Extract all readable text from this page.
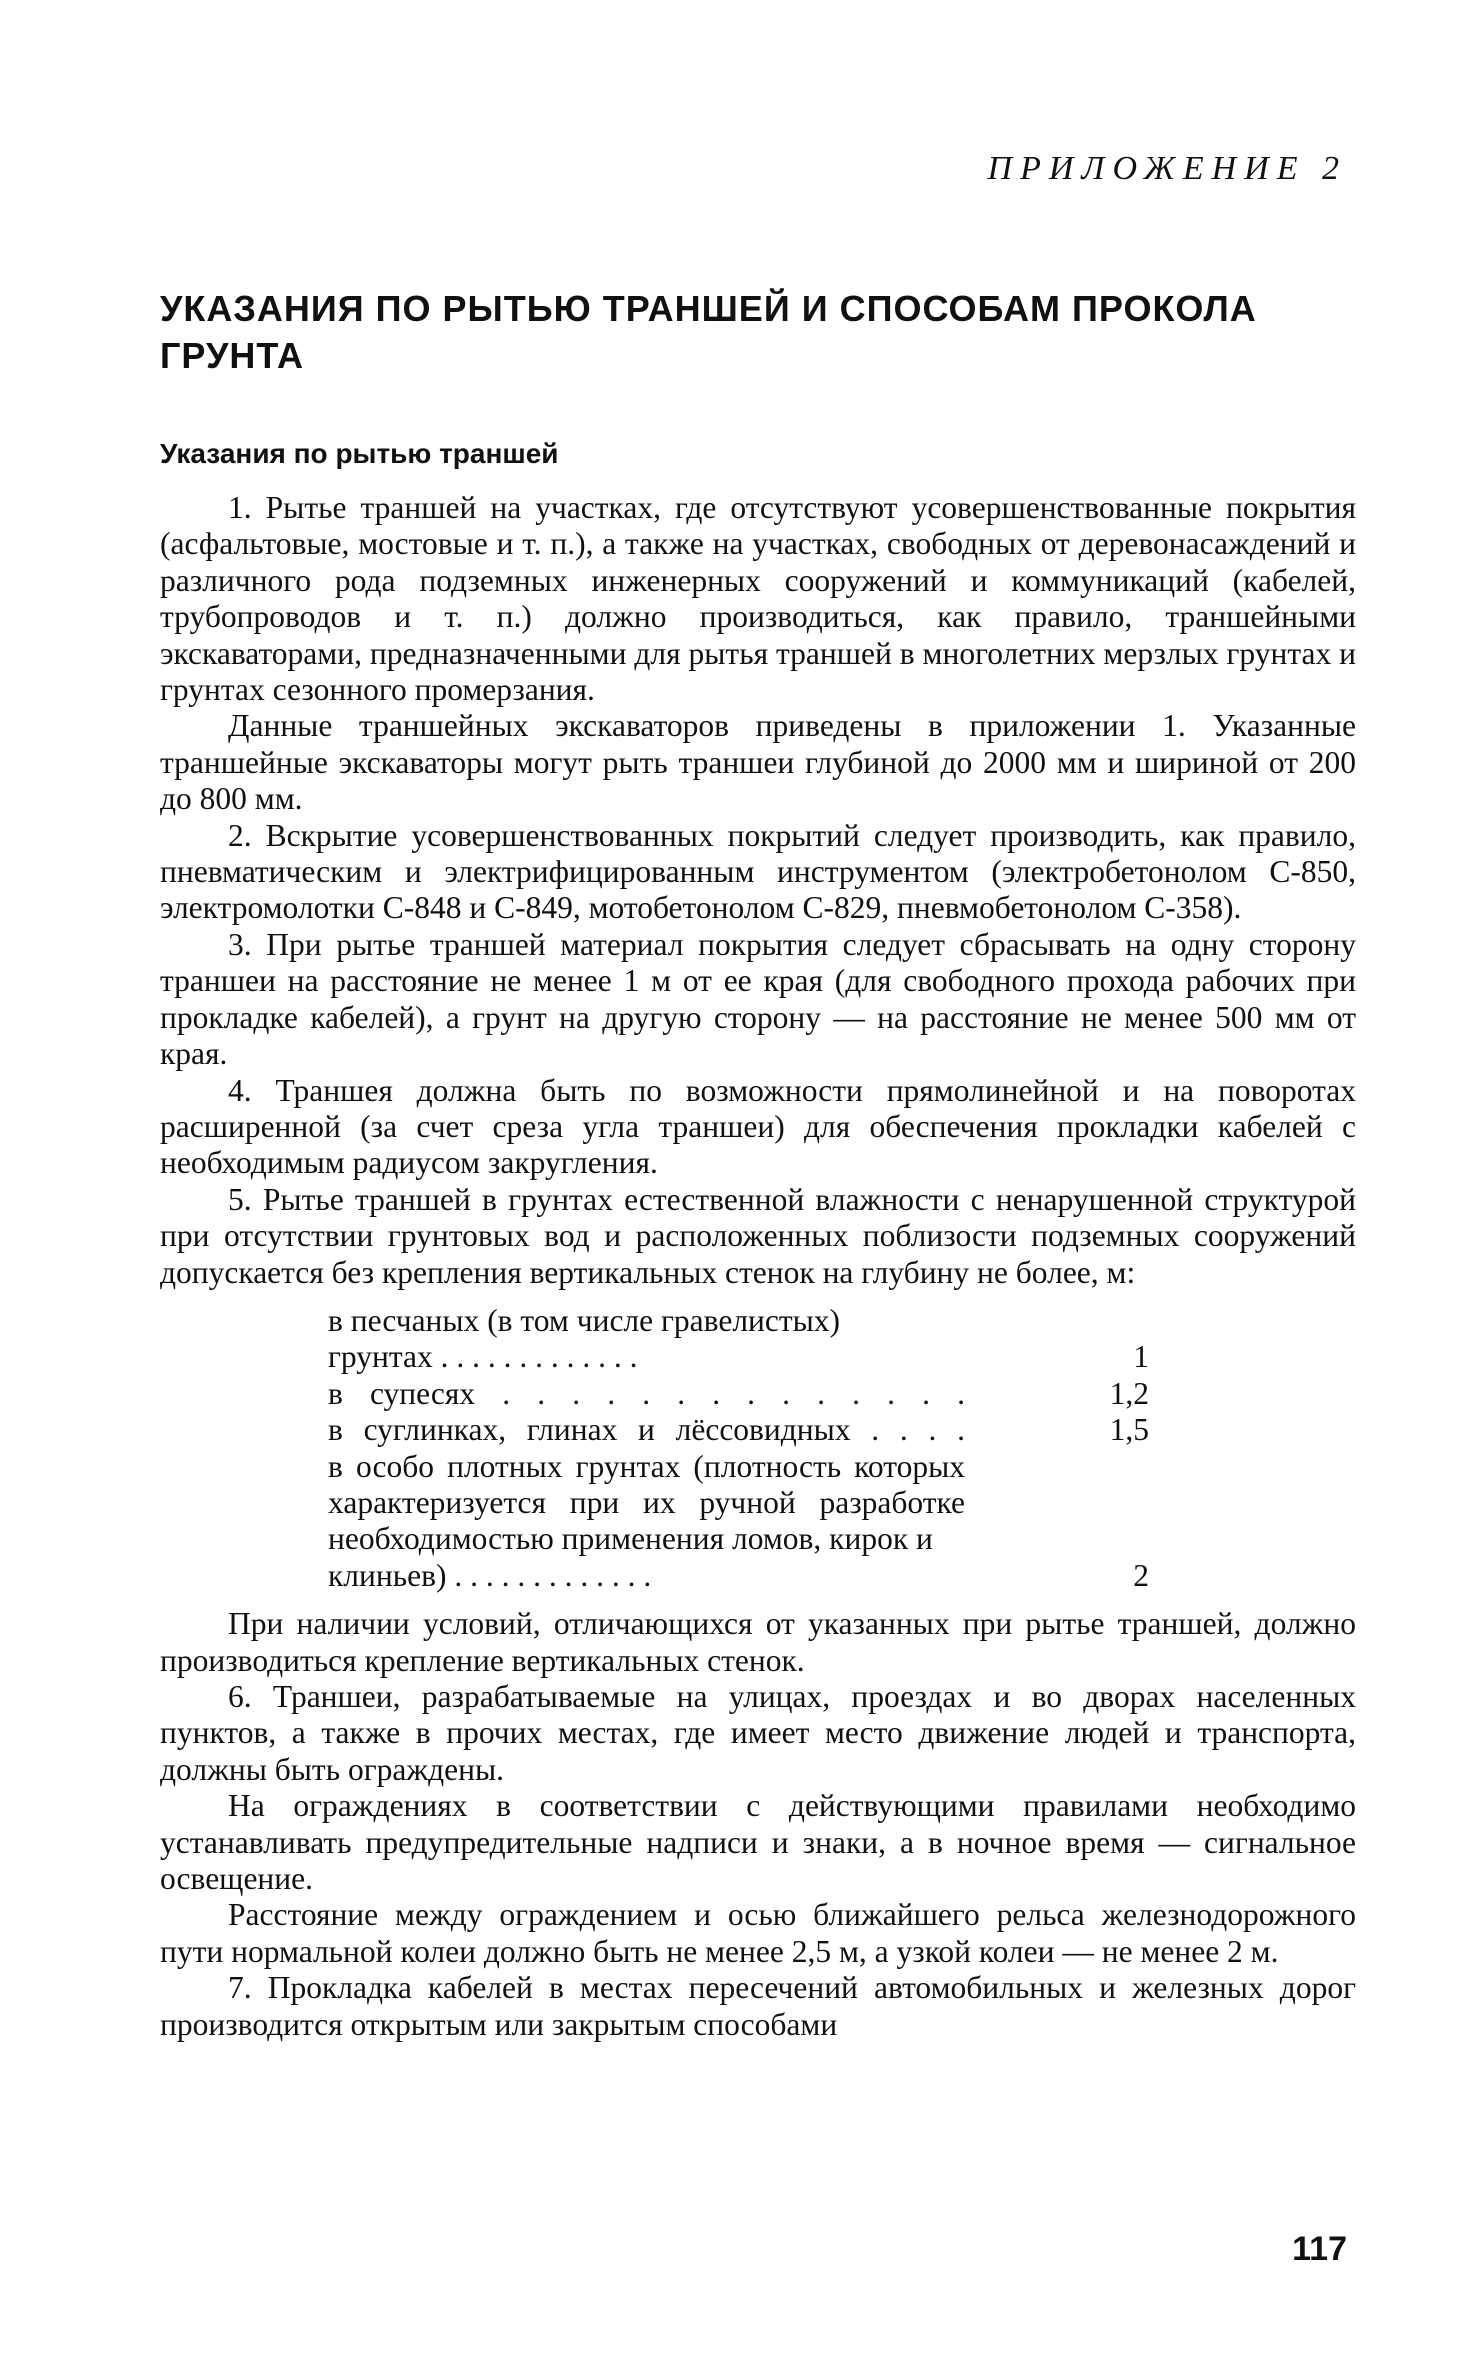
ПРИЛОЖЕНИЕ 2
УКАЗАНИЯ ПО РЫТЬЮ ТРАНШЕЙ И СПОСОБАМ ПРОКОЛА ГРУНТА
Указания по рытью траншей

1. Рытье траншей на участках, где отсутствуют усовершенствованные покрытия (асфальтовые, мостовые и т. п.), а также на участках, свободных от деревонасаждений и различного рода подземных инженерных сооружений и коммуникаций (кабелей, трубопроводов и т. п.) должно производиться, как правило, траншейными экскаваторами, предназначенными для рытья траншей в многолетних мерзлых грунтах и грунтах сезонного промерзания.

Данные траншейных экскаваторов приведены в приложении 1. Указанные траншейные экскаваторы могут рыть траншеи глубиной до 2000 мм и шириной от 200 до 800 мм.

2. Вскрытие усовершенствованных покрытий следует производить, как правило, пневматическим и электрифицированным инструментом (электробетонолом С-850, электромолотки С-848 и С-849, мотобетонолом С-829, пневмобетонолом С-358).

3. При рытье траншей материал покрытия следует сбрасывать на одну сторону траншеи на расстояние не менее 1 м от ее края (для свободного прохода рабочих при прокладке кабелей), а грунт на другую сторону — на расстояние не менее 500 мм от края.

4. Траншея должна быть по возможности прямолинейной и на поворотах расширенной (за счет среза угла траншеи) для обеспечения прокладки кабелей с необходимым радиусом закругления.

5. Рытье траншей в грунтах естественной влажности с ненарушенной структурой при отсутствии грунтовых вод и расположенных поблизости подземных сооружений допускается без крепления вертикальных стенок на глубину не более, м:

в песчаных (в том числе гравелистых)
грунтах . . . . . . . . . . . . .	1
в супесях . . . . . . . . . . . . . .	1,2
в суглинках, глинах и лёссовидных . . . .	1,5
в особо плотных грунтах (плотность которых характеризуется при их ручной разработке необходимостью применения ломов, кирок и
клиньев) . . . . . . . . . . . . .	2

При наличии условий, отличающихся от указанных при рытье траншей, должно производиться крепление вертикальных стенок.

6. Траншеи, разрабатываемые на улицах, проездах и во дворах населенных пунктов, а также в прочих местах, где имеет место движение людей и транспорта, должны быть ограждены.

На ограждениях в соответствии с действующими правилами необходимо устанавливать предупредительные надписи и знаки, а в ночное время — сигнальное освещение.

Расстояние между ограждением и осью ближайшего рельса железнодорожного пути нормальной колеи должно быть не менее 2,5 м, а узкой колеи — не менее 2 м.

7. Прокладка кабелей в местах пересечений автомобильных и железных дорог производится открытым или закрытым способами

117
